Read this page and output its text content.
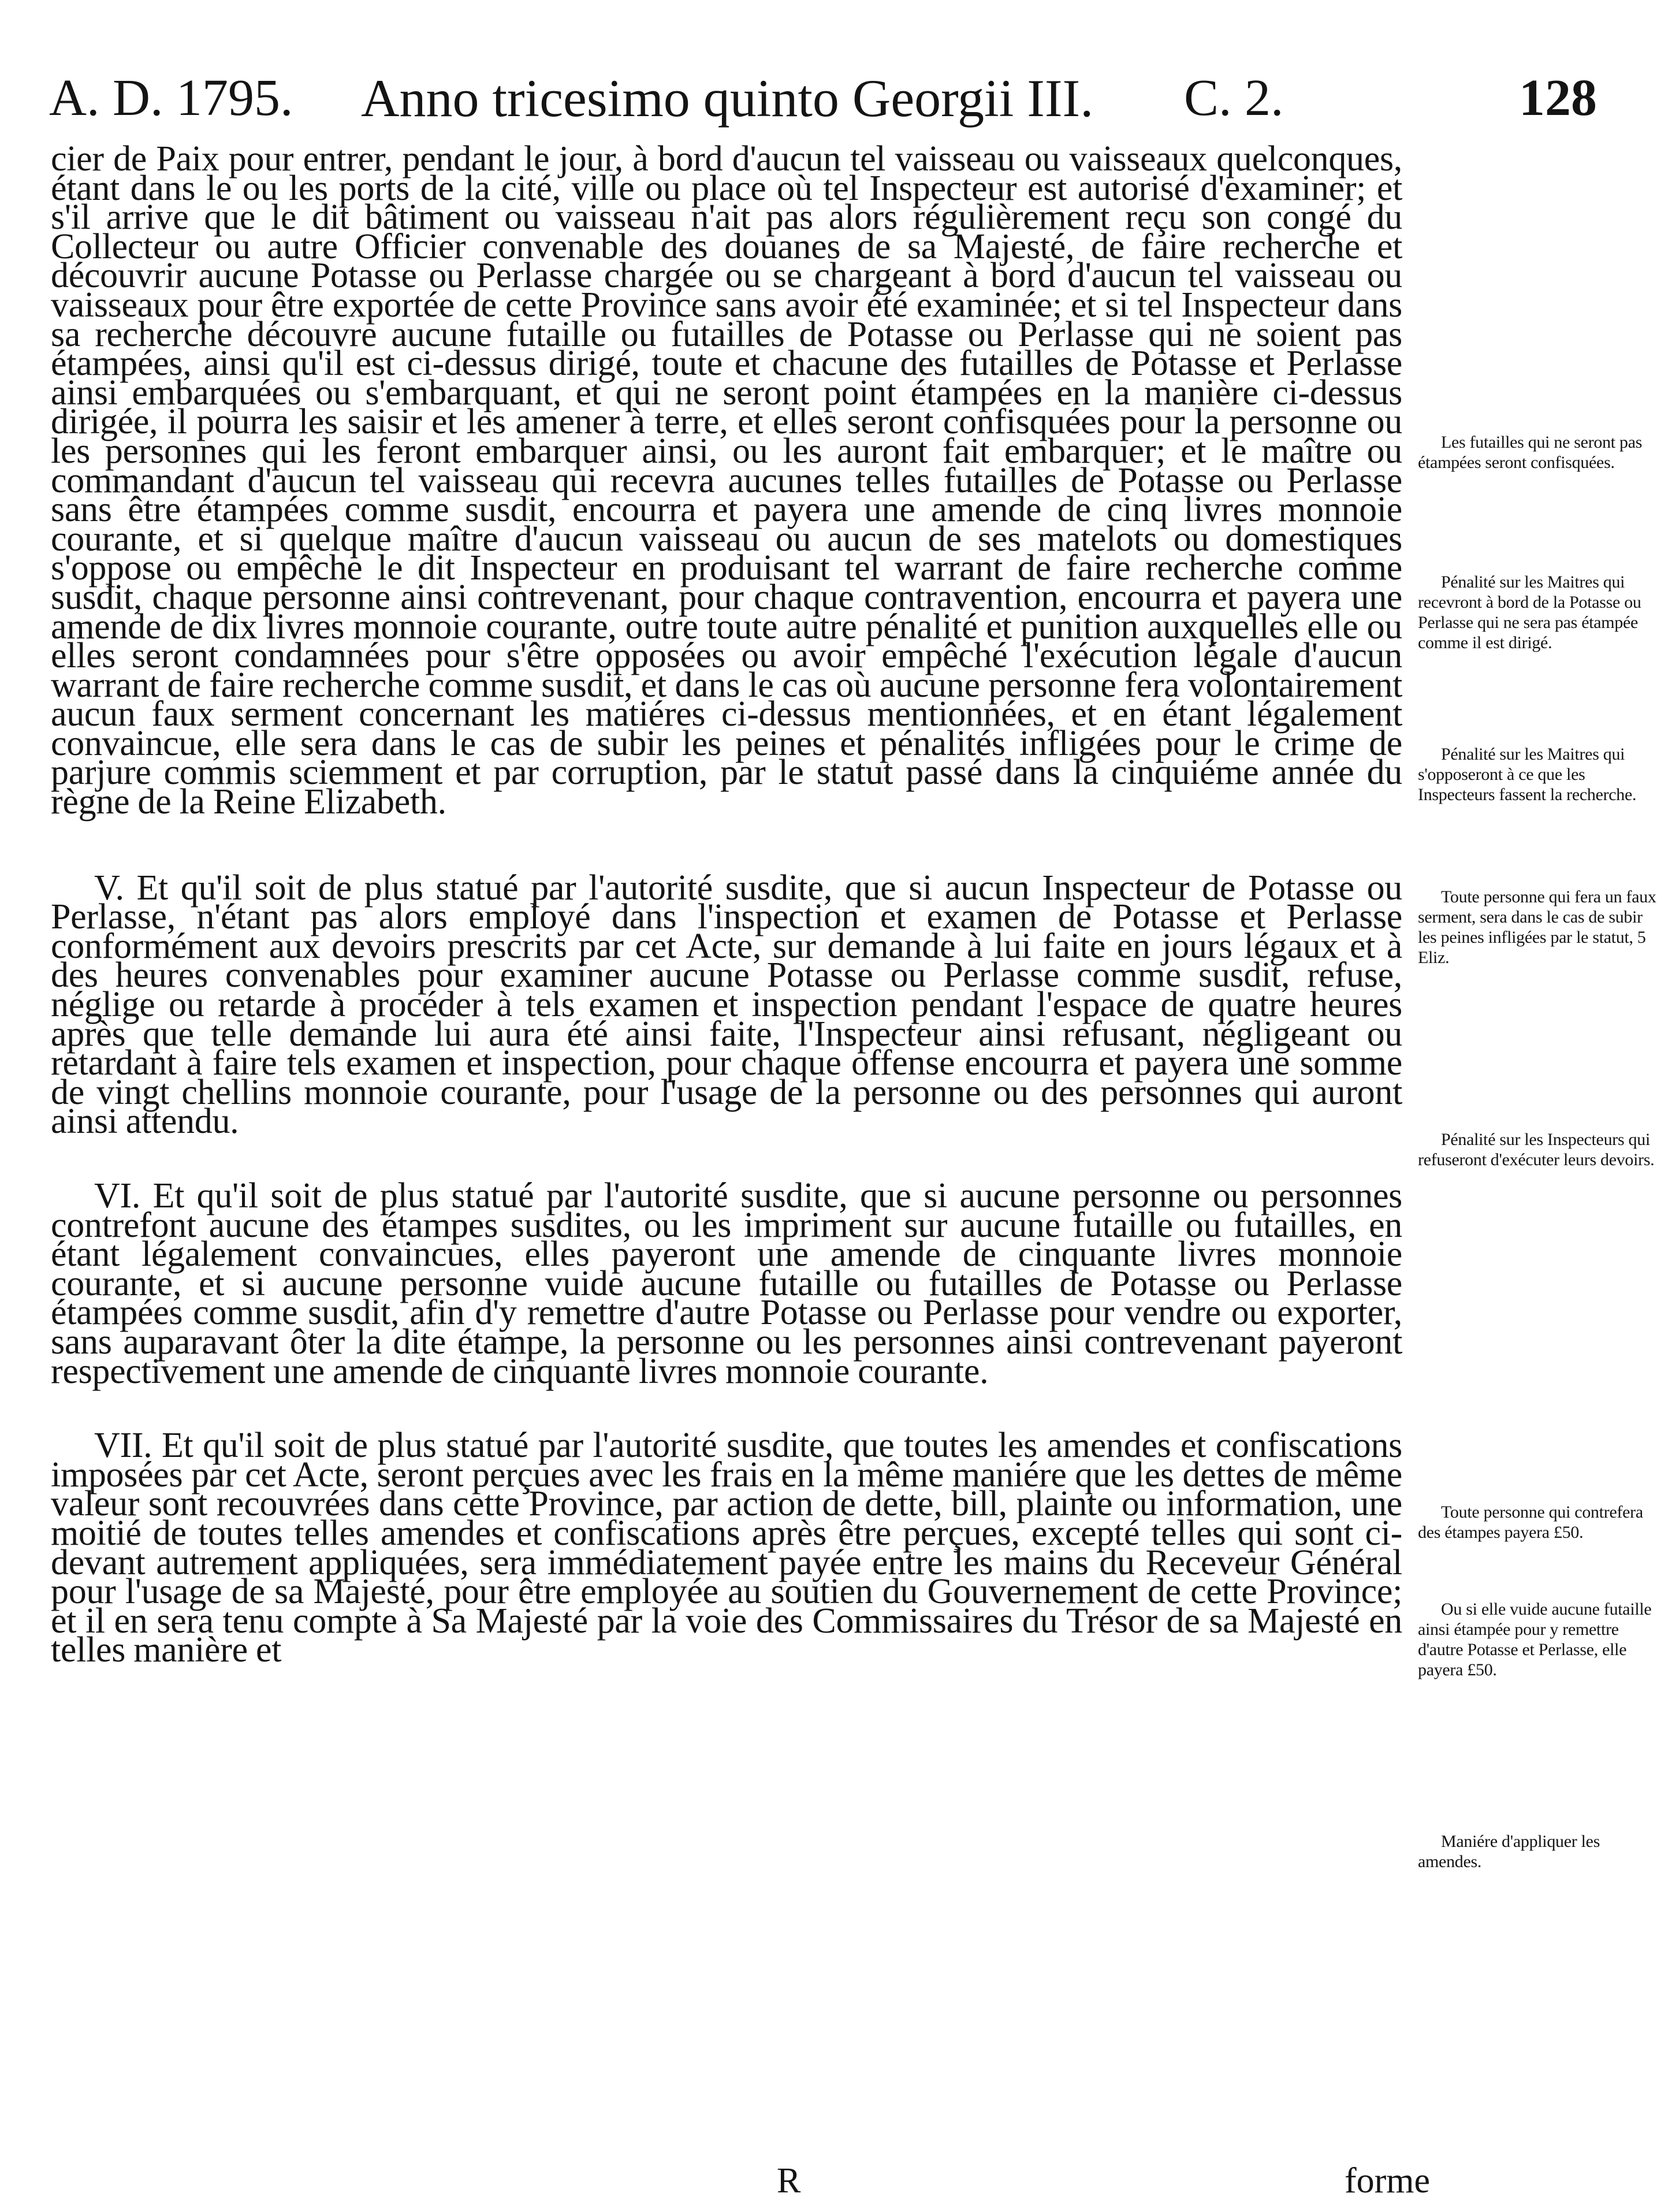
A. D. 1795. Anno tricesimo quinto Georgii III. C. 2.	128

cier de Paix pour entrer, pendant le jour, à bord d'aucun tel vaisseau ou vaisseaux quelconques, étant dans le ou les ports de la cité, ville ou place où tel Inspecteur est autorisé d'examiner; et s'il arrive que le dit bâtiment ou vaisseau n'ait pas alors régulièrement reçu son congé du Collecteur ou autre Officier convenable des douanes de sa Majesté, de faire recherche et découvrir aucune Potasse ou Perlasse chargée ou se chargeant à bord d'aucun tel vaisseau ou vaisseaux pour être exportée de cette Province sans avoir été examinée; et si tel Inspecteur dans sa recherche découvre aucune futaille ou futailles de Potasse ou Perlasse qui ne soient pas étampées, ainsi qu'il est ci-dessus dirigé, toute et chacune des futailles de Potasse et Perlasse ainsi embarquées ou s'embarquant, et qui ne seront point étampées en la manière ci-dessus dirigée, il pourra les saisir et les amener à terre, et elles seront confisquées pour la personne ou les personnes qui les feront embarquer ainsi, ou les auront fait embarquer; et le maître ou commandant d'aucun tel vaisseau qui recevra aucunes telles futailles de Potasse ou Perlasse sans être étampées comme susdit, encourra et payera une amende de cinq livres monnoie courante, et si quelque maître d'aucun vaisseau ou aucun de ses matelots ou domestiques s'oppose ou empêche le dit Inspecteur en produisant tel warrant de faire recherche comme susdit, chaque personne ainsi contrevenant, pour chaque contravention, encourra et payera une amende de dix livres monnoie courante, outre toute autre pénalité et punition auxquelles elle ou elles seront condamnées pour s'être opposées ou avoir empêché l'exécution légale d'aucun warrant de faire recherche comme susdit, et dans le cas où aucune personne fera volontairement aucun faux serment concernant les matiéres ci-dessus mentionnées, et en étant légalement convaincue, elle sera dans le cas de subir les peines et pénalités infligées pour le crime de parjure commis sciemment et par corruption, par le statut passé dans la cinquiéme année du règne de la Reine Elizabeth.

V. Et qu'il soit de plus statué par l'autorité susdite, que si aucun Inspecteur de Potasse ou Perlasse, n'étant pas alors employé dans l'inspection et examen de Potasse et Perlasse conformément aux devoirs prescrits par cet Acte, sur demande à lui faite en jours légaux et à des heures convenables pour examiner aucune Potasse ou Perlasse comme susdit, refuse, néglige ou retarde à procéder à tels examen et inspection pendant l'espace de quatre heures après que telle demande lui aura été ainsi faite, l'Inspecteur ainsi refusant, négligeant ou retardant à faire tels examen et inspection, pour chaque offense encourra et payera une somme de vingt chellins monnoie courante, pour l'usage de la personne ou des personnes qui auront ainsi attendu.

VI. Et qu'il soit de plus statué par l'autorité susdite, que si aucune personne ou personnes contrefont aucune des étampes susdites, ou les impriment sur aucune futaille ou futailles, en étant légalement convaincues, elles payeront une amende de cinquante livres monnoie courante, et si aucune personne vuide aucune futaille ou futailles de Potasse ou Perlasse étampées comme susdit, afin d'y remettre d'autre Potasse ou Perlasse pour vendre ou exporter, sans auparavant ôter la dite étampe, la personne ou les personnes ainsi contrevenant payeront respectivement une amende de cinquante livres monnoie courante.

VII. Et qu'il soit de plus statué par l'autorité susdite, que toutes les amendes et confiscations imposées par cet Acte, seront perçues avec les frais en la même maniére que les dettes de même valeur sont recouvrées dans cette Province, par action de dette, bill, plainte ou information, une moitié de toutes telles amendes et confiscations après être perçues, excepté telles qui sont ci-devant autrement appliquées, sera immédiatement payée entre les mains du Receveur Général pour l'usage de sa Majesté, pour être employée au soutien du Gouvernement de cette Province; et il en sera tenu compte à Sa Majesté par la voie des Commissaires du Trésor de sa Majesté en telles manière et

Les futailles qui ne seront pas étampées seront confisquées.

Pénalité sur les Maitres qui recevront à bord de la Potasse ou Perlasse qui ne sera pas étampée comme il est dirigé.

Pénalité sur les Maitres qui s'opposeront à ce que les Inspecteurs fassent la recherche.

Toute personne qui fera un faux serment, sera dans le cas de subir les peines infligées par le statut, 5 Eliz.

Pénalité sur les Inspecteurs qui refuseront d'exécuter leurs devoirs.

Toute personne qui contrefera des étampes payera £50.

Ou si elle vuide aucune futaille ainsi étampée pour y remettre d'autre Potasse et Perlasse, elle payera £50.

Maniére d'appliquer les amendes.

R	forme
